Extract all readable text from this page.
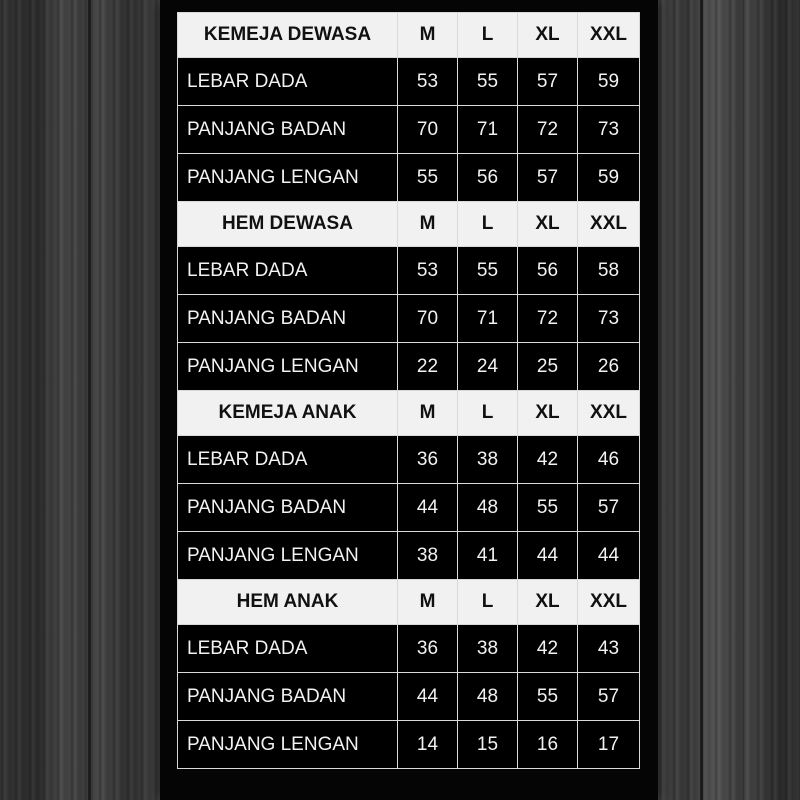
KEMEJA DEWASA	M	L	XL	XXL
LEBAR DADA	53	55	57	59
PANJANG BADAN	70	71	72	73
PANJANG LENGAN	55	56	57	59
HEM DEWASA	M	L	XL	XXL
LEBAR DADA	53	55	56	58
PANJANG BADAN	70	71	72	73
PANJANG LENGAN	22	24	25	26
KEMEJA ANAK	M	L	XL	XXL
LEBAR DADA	36	38	42	46
PANJANG BADAN	44	48	55	57
PANJANG LENGAN	38	41	44	44
HEM ANAK	M	L	XL	XXL
LEBAR DADA	36	38	42	43
PANJANG BADAN	44	48	55	57
PANJANG LENGAN	14	15	16	17
